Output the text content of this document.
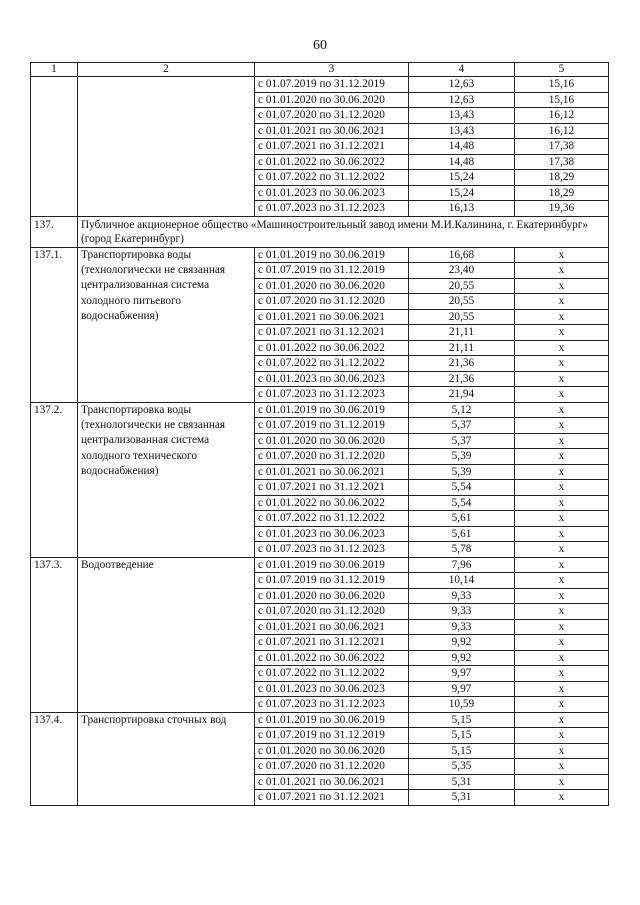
60
1	2	3	4	5
		с 01.07.2019 по 31.12.2019	12,63	15,16
		с 01.01.2020 по 30.06.2020	12,63	15,16
		с 01.07.2020 по 31.12.2020	13,43	16,12
		с 01.01.2021 по 30.06.2021	13,43	16,12
		с 01.07.2021 по 31.12.2021	14,48	17,38
		с 01.01.2022 по 30.06.2022	14,48	17,38
		с 01.07.2022 по 31.12.2022	15,24	18,29
		с 01.01.2023 по 30.06.2023	15,24	18,29
		с 01.07.2023 по 31.12.2023	16,13	19,36
137.	Публичное акционерное общество «Машиностроительный завод имени М.И.Калинина, г. Екатеринбург» (город Екатеринбург)			
137.1.	Транспортировка воды (технологически не связанная централизованная система холодного питьевого водоснабжения)	с 01.01.2019 по 30.06.2019	16,68	x
		с 01.07.2019 по 31.12.2019	23,40	x
		с 01.01.2020 по 30.06.2020	20,55	x
		с 01.07.2020 по 31.12.2020	20,55	x
		с 01.01.2021 по 30.06.2021	20,55	x
		с 01.07.2021 по 31.12.2021	21,11	x
		с 01.01.2022 по 30.06.2022	21,11	x
		с 01.07.2022 по 31.12.2022	21,36	x
		с 01.01.2023 по 30.06.2023	21,36	x
		с 01.07.2023 по 31.12.2023	21,94	x
137.2.	Транспортировка воды (технологически не связанная централизованная система холодного технического водоснабжения)	с 01.01.2019 по 30.06.2019	5,12	x
		с 01.07.2019 по 31.12.2019	5,37	x
		с 01.01.2020 по 30.06.2020	5,37	x
		с 01.07.2020 по 31.12.2020	5,39	x
		с 01.01.2021 по 30.06.2021	5,39	x
		с 01.07.2021 по 31.12.2021	5,54	x
		с 01.01.2022 по 30.06.2022	5,54	x
		с 01.07.2022 по 31.12.2022	5,61	x
		с 01.01.2023 по 30.06.2023	5,61	x
		с 01.07.2023 по 31.12.2023	5,78	x
137.3.	Водоотведение	с 01.01.2019 по 30.06.2019	7,96	x
		с 01.07.2019 по 31.12.2019	10,14	x
		с 01.01.2020 по 30.06.2020	9,33	x
		с 01.07.2020 по 31.12.2020	9,33	x
		с 01.01.2021 по 30.06.2021	9,33	x
		с 01.07.2021 по 31.12.2021	9,92	x
		с 01.01.2022 по 30.06.2022	9,92	x
		с 01.07.2022 по 31.12.2022	9,97	x
		с 01.01.2023 по 30.06.2023	9,97	x
		с 01.07.2023 по 31.12.2023	10,59	x
137.4.	Транспортировка сточных вод	с 01.01.2019 по 30.06.2019	5,15	x
		с 01.07.2019 по 31.12.2019	5,15	x
		с 01.01.2020 по 30.06.2020	5,15	x
		с 01.07.2020 по 31.12.2020	5,35	x
		с 01.01.2021 по 30.06.2021	5,31	x
		с 01.07.2021 по 31.12.2021	5,31	x
